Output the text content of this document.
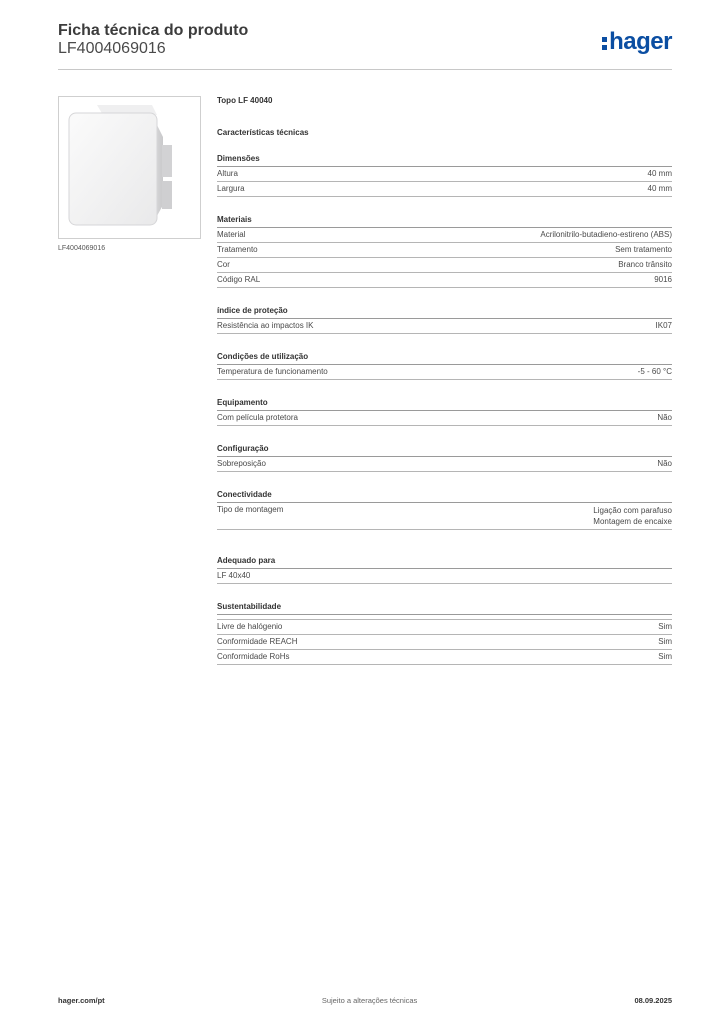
Ficha técnica do produto
LF4004069016	hager
LF4004069016
Topo LF 40040
Características técnicas
Dimensões
Altura	40 mm
Largura	40 mm
Materiais
Material	Acrilonitrilo-butadieno-estireno (ABS)
Tratamento	Sem tratamento
Cor	Branco trânsito
Código RAL	9016
índice de proteção
Resistência ao impactos IK	IK07
Condições de utilização
Temperatura de funcionamento	-5 - 60 °C
Equipamento
Com película protetora	Não
Configuração
Sobreposição	Não
Conectividade
Tipo de montagem	Ligação com parafuso
Montagem de encaixe
Adequado para
LF 40x40
Sustentabilidade
Livre de halógenio	Sim
Conformidade REACH	Sim
Conformidade RoHs	Sim
hager.com/pt	Sujeito a alterações técnicas	08.09.2025
